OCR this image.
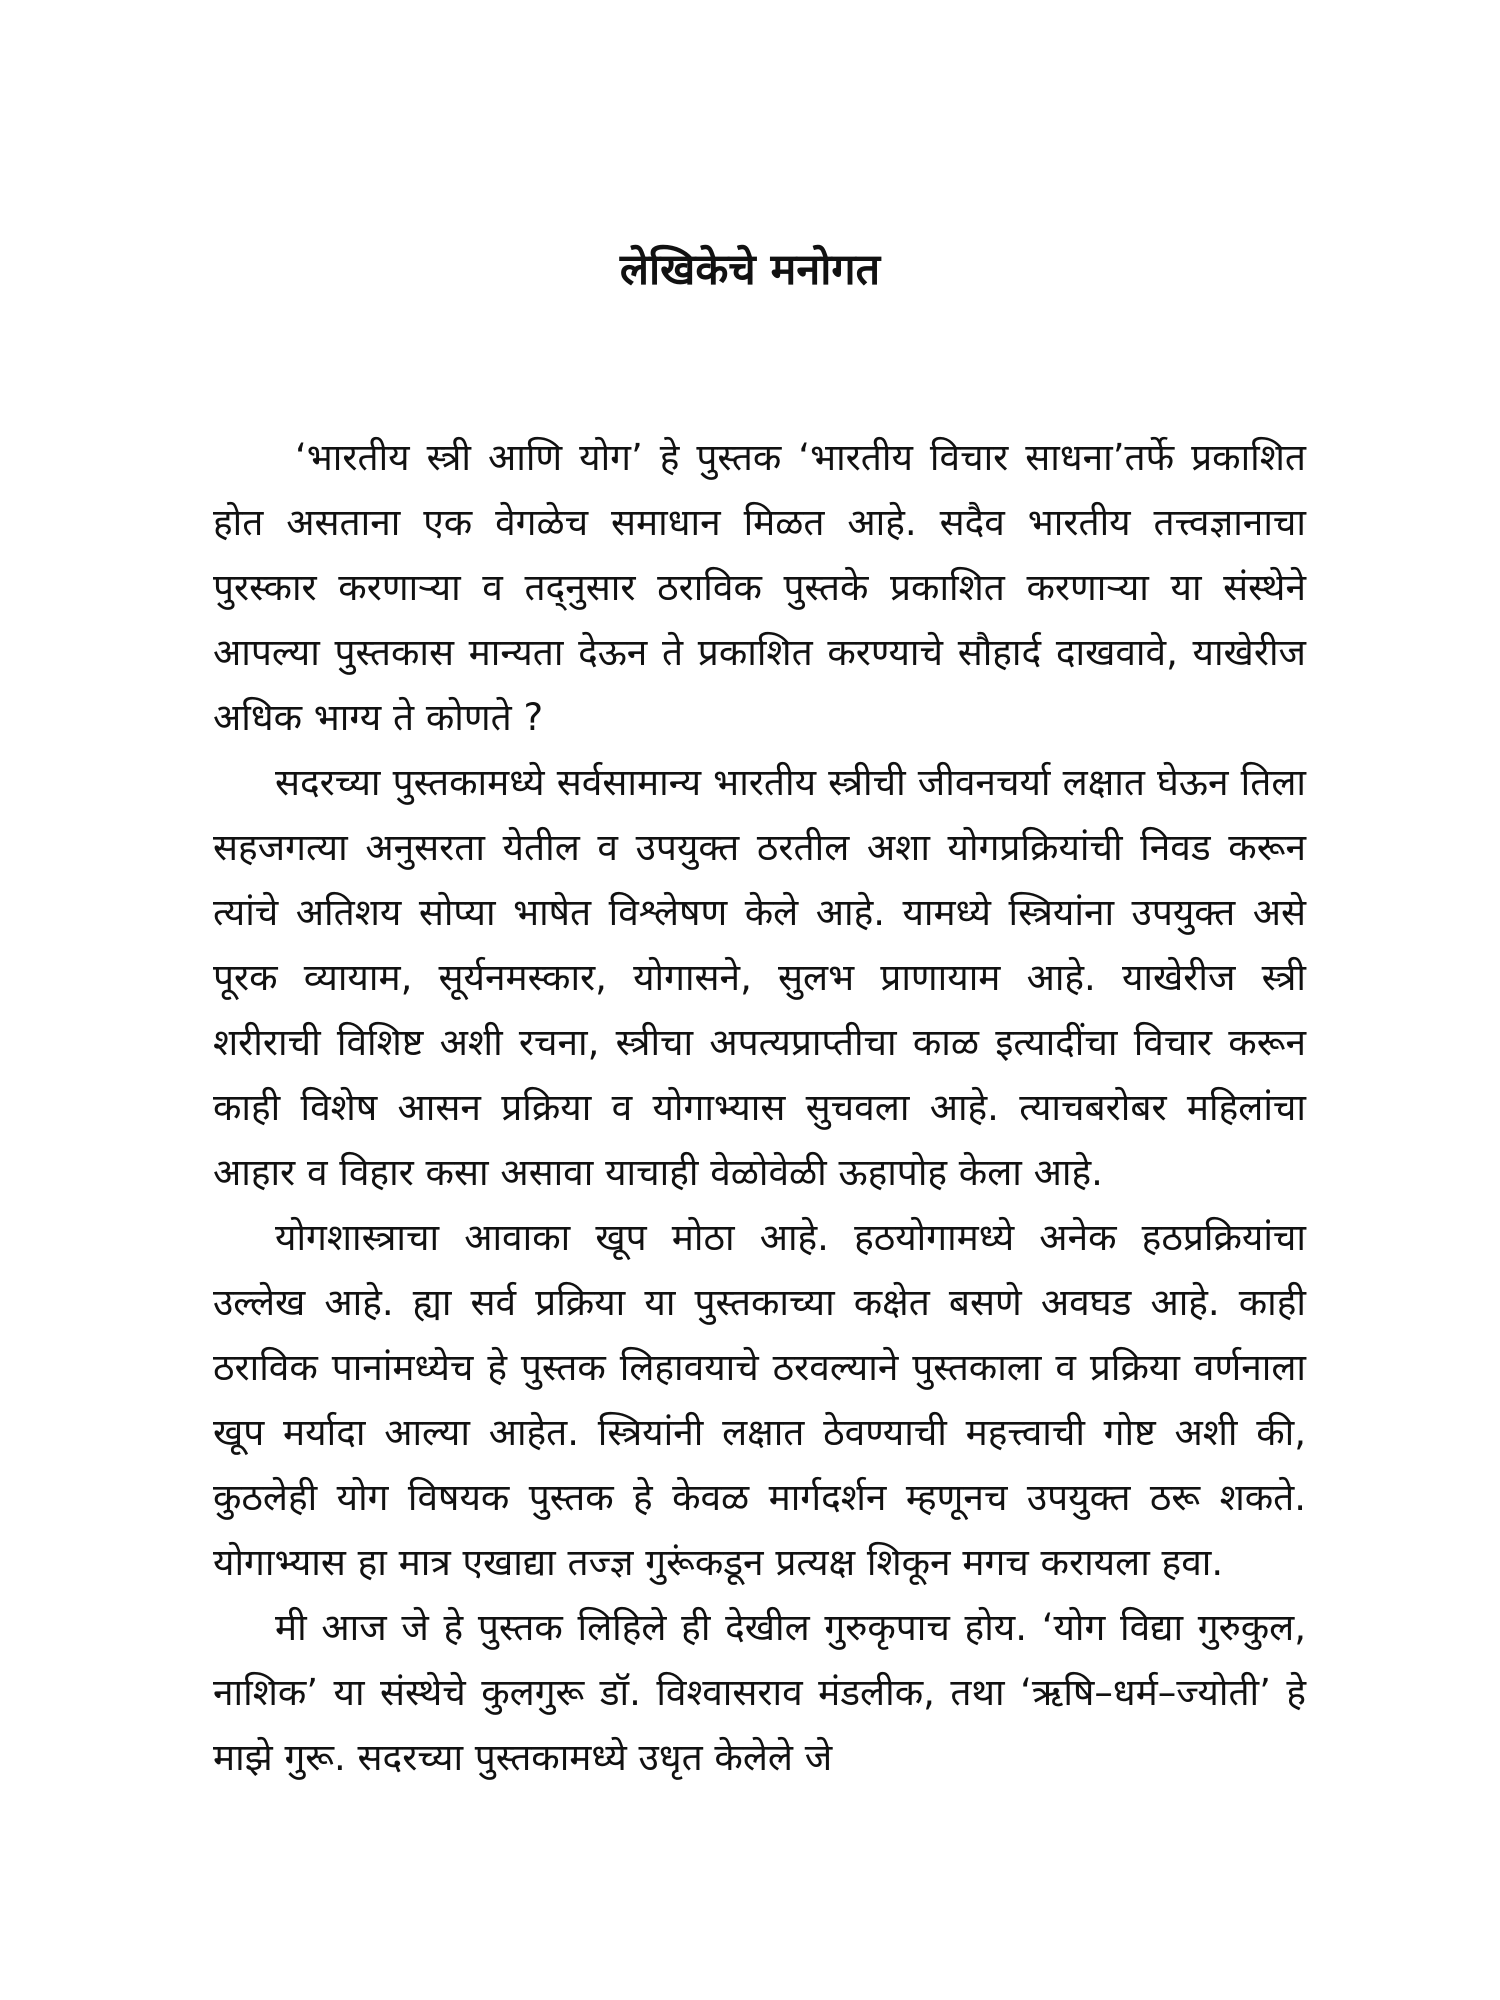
लेखिकेचे मनोगत

‘भारतीय स्त्री आणि योग’ हे पुस्तक ‘भारतीय विचार साधना’तर्फे प्रकाशित होत असताना एक वेगळेच समाधान मिळत आहे. सदैव भारतीय तत्त्वज्ञानाचा पुरस्कार करणाऱ्या व तद्नुसार ठराविक पुस्तके प्रकाशित करणाऱ्या या संस्थेने आपल्या पुस्तकास मान्यता देऊन ते प्रकाशित करण्याचे सौहार्द दाखवावे, याखेरीज अधिक भाग्य ते कोणते ?

सदरच्या पुस्तकामध्ये सर्वसामान्य भारतीय स्त्रीची जीवनचर्या लक्षात घेऊन तिला सहजगत्या अनुसरता येतील व उपयुक्त ठरतील अशा योगप्रक्रियांची निवड करून त्यांचे अतिशय सोप्या भाषेत विश्लेषण केले आहे. यामध्ये स्त्रियांना उपयुक्त असे पूरक व्यायाम, सूर्यनमस्कार, योगासने, सुलभ प्राणायाम आहे. याखेरीज स्त्री शरीराची विशिष्ट अशी रचना, स्त्रीचा अपत्यप्राप्तीचा काळ इत्यादींचा विचार करून काही विशेष आसन प्रक्रिया व योगाभ्यास सुचवला आहे. त्याचबरोबर महिलांचा आहार व विहार कसा असावा याचाही वेळोवेळी ऊहापोह केला आहे.

योगशास्त्राचा आवाका खूप मोठा आहे. हठयोगामध्ये अनेक हठप्रक्रियांचा उल्लेख आहे. ह्या सर्व प्रक्रिया या पुस्तकाच्या कक्षेत बसणे अवघड आहे. काही ठराविक पानांमध्येच हे पुस्तक लिहावयाचे ठरवल्याने पुस्तकाला व प्रक्रिया वर्णनाला खूप मर्यादा आल्या आहेत. स्त्रियांनी लक्षात ठेवण्याची महत्त्वाची गोष्ट अशी की, कुठलेही योग विषयक पुस्तक हे केवळ मार्गदर्शन म्हणूनच उपयुक्त ठरू शकते. योगाभ्यास हा मात्र एखाद्या तज्ज्ञ गुरूंकडून प्रत्यक्ष शिकून मगच करायला हवा.

मी आज जे हे पुस्तक लिहिले ही देखील गुरुकृपाच होय. ‘योग विद्या गुरुकुल, नाशिक’ या संस्थेचे कुलगुरू डॉ. विश्वासराव मंडलीक, तथा ‘ऋषि–धर्म–ज्योती’ हे माझे गुरू. सदरच्या पुस्तकामध्ये उधृत केलेले जे
